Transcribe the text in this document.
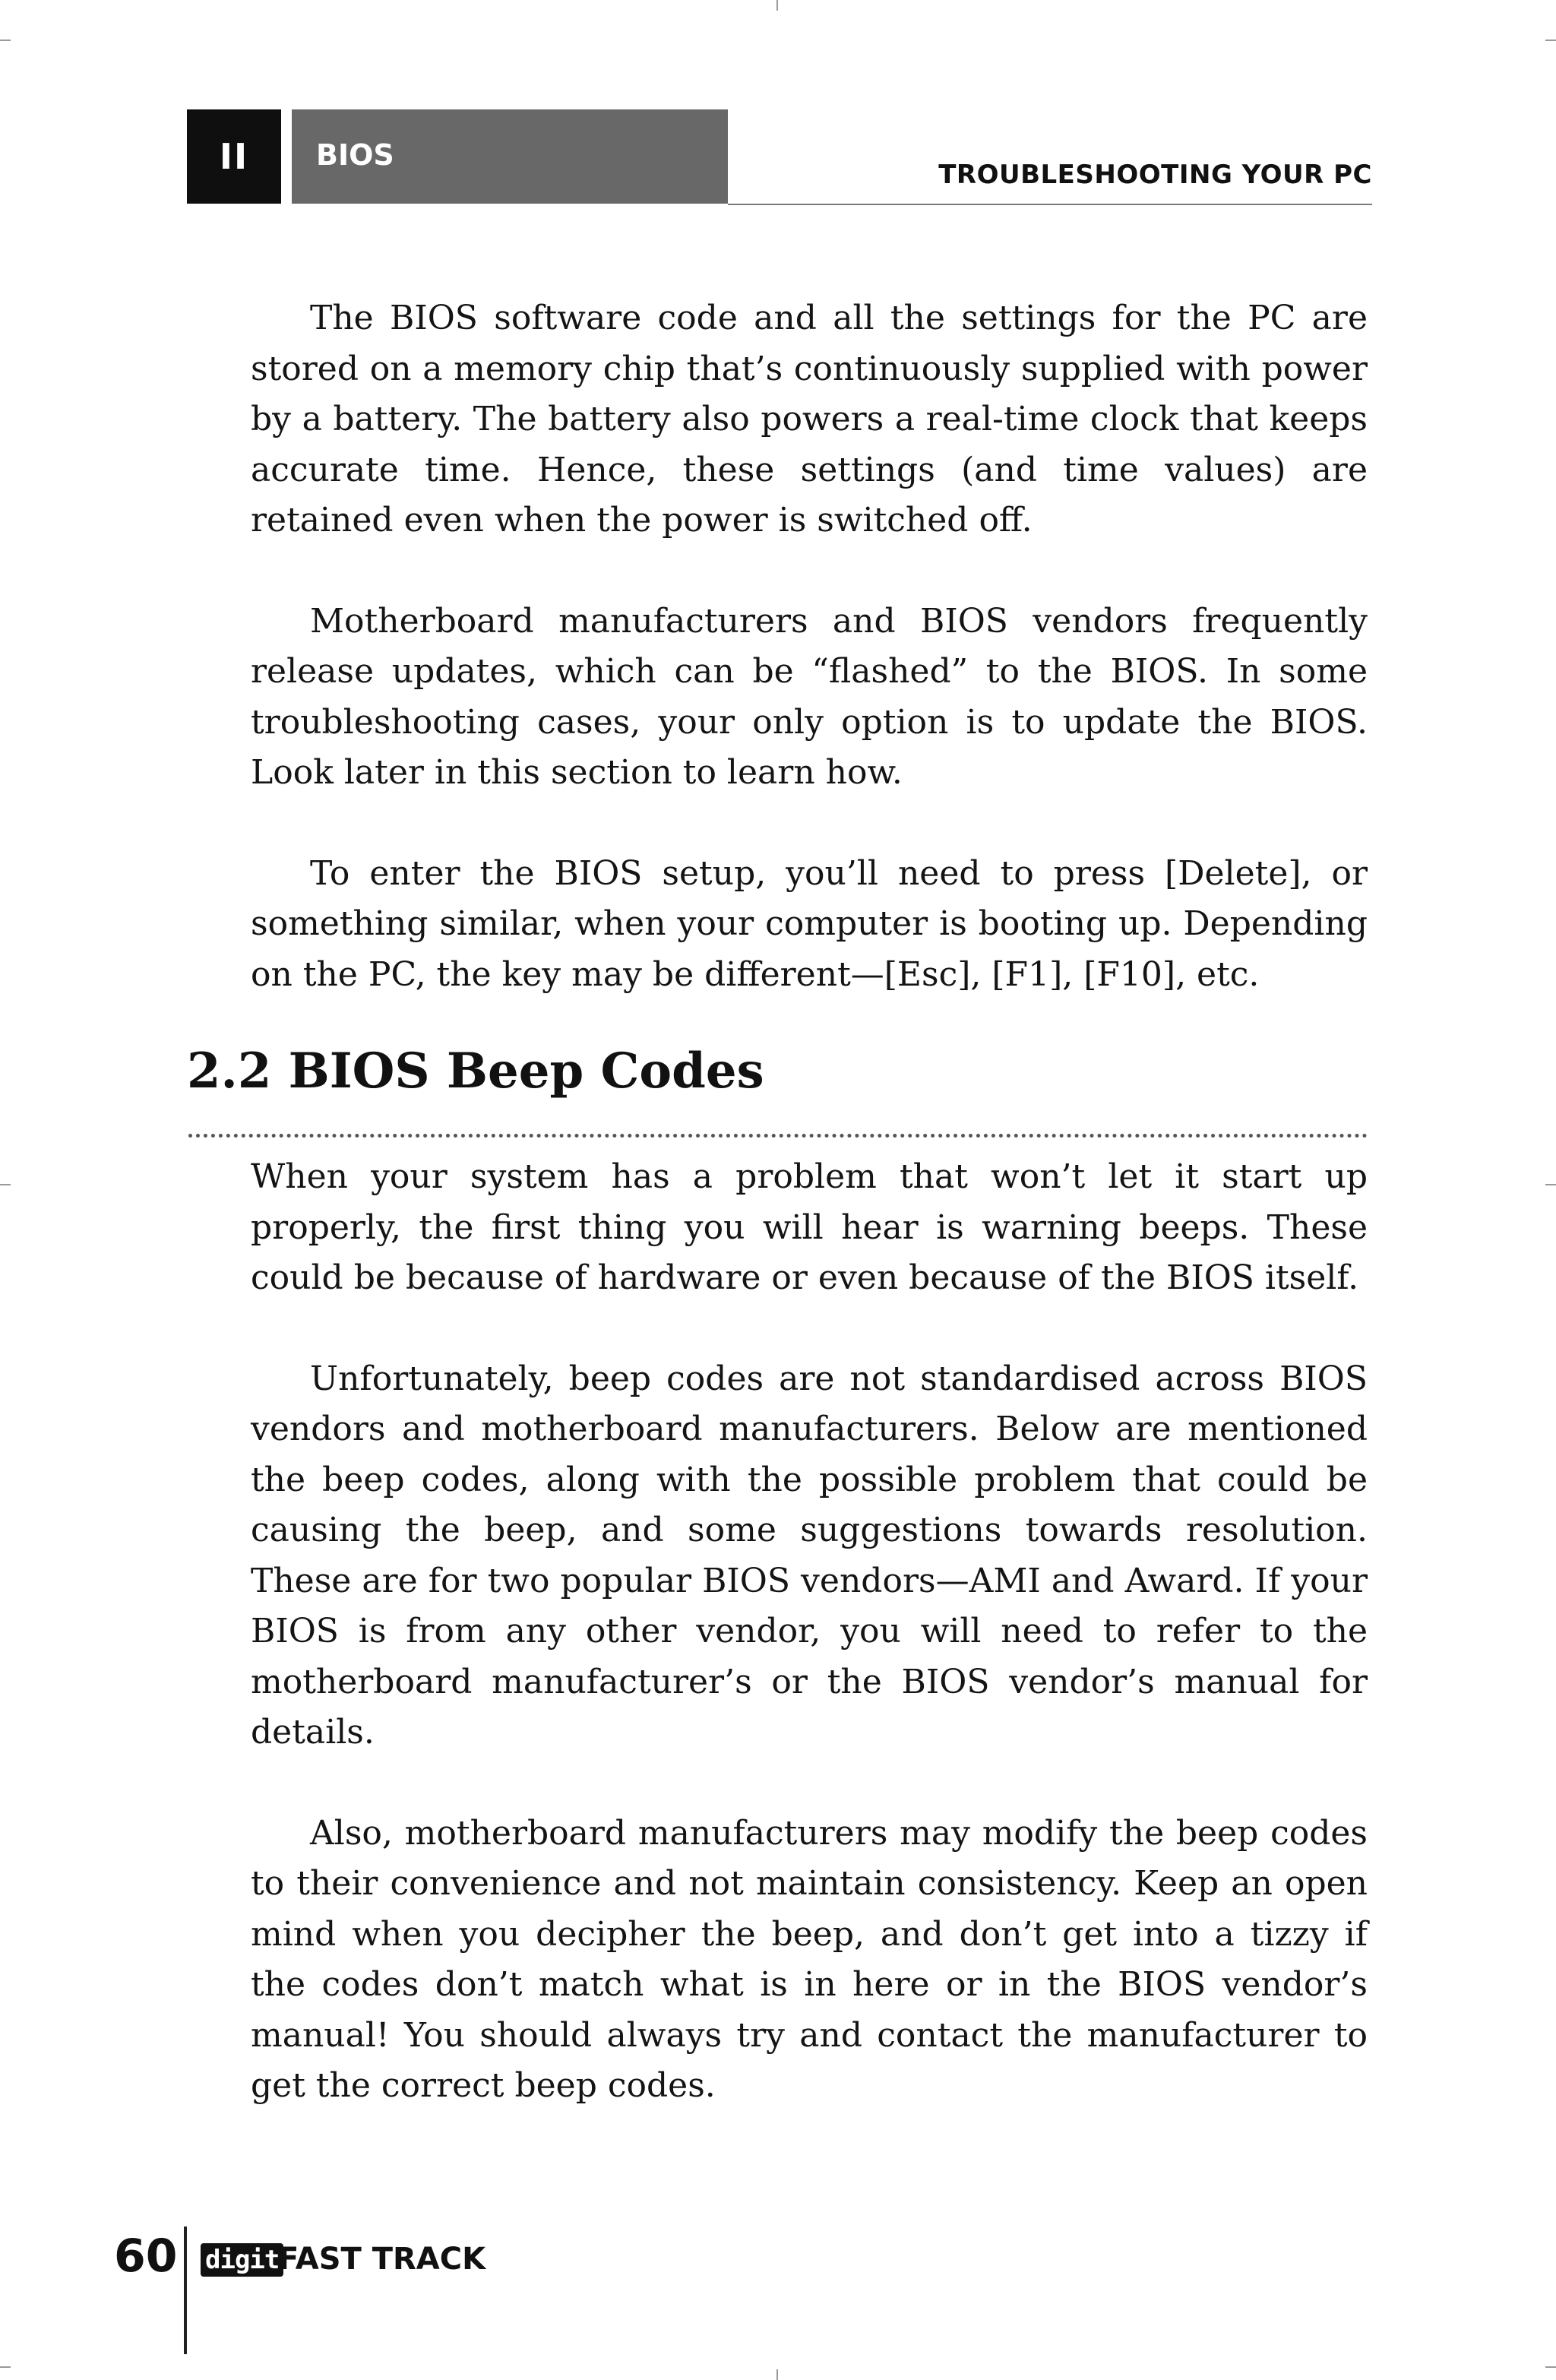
II BIOS
TROUBLESHOOTING YOUR PC

The BIOS software code and all the settings for the PC are stored on a memory chip that’s continuously supplied with power by a battery. The battery also powers a real-time clock that keeps accurate time. Hence, these settings (and time values) are retained even when the power is switched off.

Motherboard manufacturers and BIOS vendors frequently release updates, which can be “flashed” to the BIOS. In some troubleshooting cases, your only option is to update the BIOS. Look later in this section to learn how.

To enter the BIOS setup, you’ll need to press [Delete], or something similar, when your computer is booting up. Depending on the PC, the key may be different—[Esc], [F1], [F10], etc.

2.2 BIOS Beep Codes

When your system has a problem that won’t let it start up properly, the first thing you will hear is warning beeps. These could be because of hardware or even because of the BIOS itself.

Unfortunately, beep codes are not standardised across BIOS vendors and motherboard manufacturers. Below are mentioned the beep codes, along with the possible problem that could be causing the beep, and some suggestions towards resolution. These are for two popular BIOS vendors—AMI and Award. If your BIOS is from any other vendor, you will need to refer to the motherboard manufacturer’s or the BIOS vendor’s manual for details.

Also, motherboard manufacturers may modify the beep codes to their convenience and not maintain consistency. Keep an open mind when you decipher the beep, and don’t get into a tizzy if the codes don’t match what is in here or in the BIOS vendor’s manual! You should always try and contact the manufacturer to get the correct beep codes.

60 digit
FAST TRACK
